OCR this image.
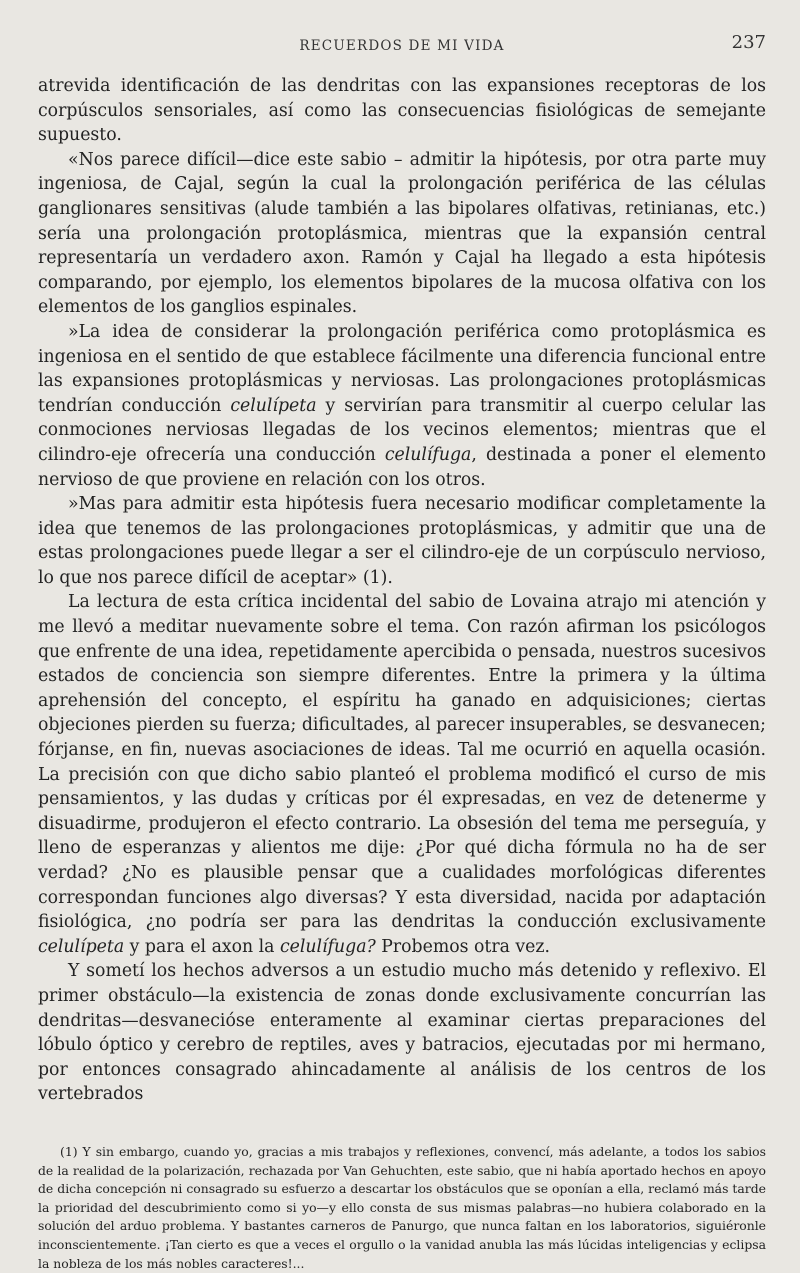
RECUERDOS DE MI VIDA	237

atrevida identificación de las dendritas con las expansiones receptoras de los corpúsculos sensoriales, así como las consecuencias fisiológicas de semejante supuesto.

«Nos parece difícil—dice este sabio – admitir la hipótesis, por otra parte muy ingeniosa, de Cajal, según la cual la prolongación periférica de las células ganglionares sensitivas (alude también a las bipolares olfativas, retinianas, etc.) sería una prolongación protoplásmica, mientras que la expansión central representaría un verdadero axon. Ramón y Cajal ha llegado a esta hipótesis comparando, por ejemplo, los elementos bipolares de la mucosa olfativa con los elementos de los ganglios espinales.

»La idea de considerar la prolongación periférica como protoplásmica es ingeniosa en el sentido de que establece fácilmente una diferencia funcional entre las expansiones protoplásmicas y nerviosas. Las prolongaciones protoplásmicas tendrían conducción celulípeta y servirían para transmitir al cuerpo celular las conmociones nerviosas llegadas de los vecinos elementos; mientras que el cilindro-eje ofrecería una conducción celulífuga, destinada a poner el elemento nervioso de que proviene en relación con los otros.

»Mas para admitir esta hipótesis fuera necesario modificar completamente la idea que tenemos de las prolongaciones protoplásmicas, y admitir que una de estas prolongaciones puede llegar a ser el cilindro-eje de un corpúsculo nervioso, lo que nos parece difícil de aceptar» (1).

La lectura de esta crítica incidental del sabio de Lovaina atrajo mi atención y me llevó a meditar nuevamente sobre el tema. Con razón afirman los psicólogos que enfrente de una idea, repetidamente apercibida o pensada, nuestros sucesivos estados de conciencia son siempre diferentes. Entre la primera y la última aprehensión del concepto, el espíritu ha ganado en adquisiciones; ciertas objeciones pierden su fuerza; dificultades, al parecer insuperables, se desvanecen; fórjanse, en fin, nuevas asociaciones de ideas. Tal me ocurrió en aquella ocasión. La precisión con que dicho sabio planteó el problema modificó el curso de mis pensamientos, y las dudas y críticas por él expresadas, en vez de detenerme y disuadirme, produjeron el efecto contrario. La obsesión del tema me perseguía, y lleno de esperanzas y alientos me dije: ¿Por qué dicha fórmula no ha de ser verdad? ¿No es plausible pensar que a cualidades morfológicas diferentes correspondan funciones algo diversas? Y esta diversidad, nacida por adaptación fisiológica, ¿no podría ser para las dendritas la conducción exclusivamente celulípeta y para el axon la celulífuga? Probemos otra vez.

Y sometí los hechos adversos a un estudio mucho más detenido y reflexivo. El primer obstáculo—la existencia de zonas donde exclusivamente concurrían las dendritas—desvanecióse enteramente al examinar ciertas preparaciones del lóbulo óptico y cerebro de reptiles, aves y batracios, ejecutadas por mi hermano, por entonces consagrado ahincadamente al análisis de los centros de los vertebrados

(1) Y sin embargo, cuando yo, gracias a mis trabajos y reflexiones, convencí, más adelante, a todos los sabios de la realidad de la polarización, rechazada por Van Gehuchten, este sabio, que ni había aportado hechos en apoyo de dicha concepción ni consagrado su esfuerzo a descartar los obstáculos que se oponían a ella, reclamó más tarde la prioridad del descubrimiento como si yo—y ello consta de sus mismas palabras—no hubiera colaborado en la solución del arduo problema. Y bastantes carneros de Panurgo, que nunca faltan en los laboratorios, siguiéronle inconscientemente. ¡Tan cierto es que a veces el orgullo o la vanidad anubla las más lúcidas inteligencias y eclipsa la nobleza de los más nobles caracteres!...
